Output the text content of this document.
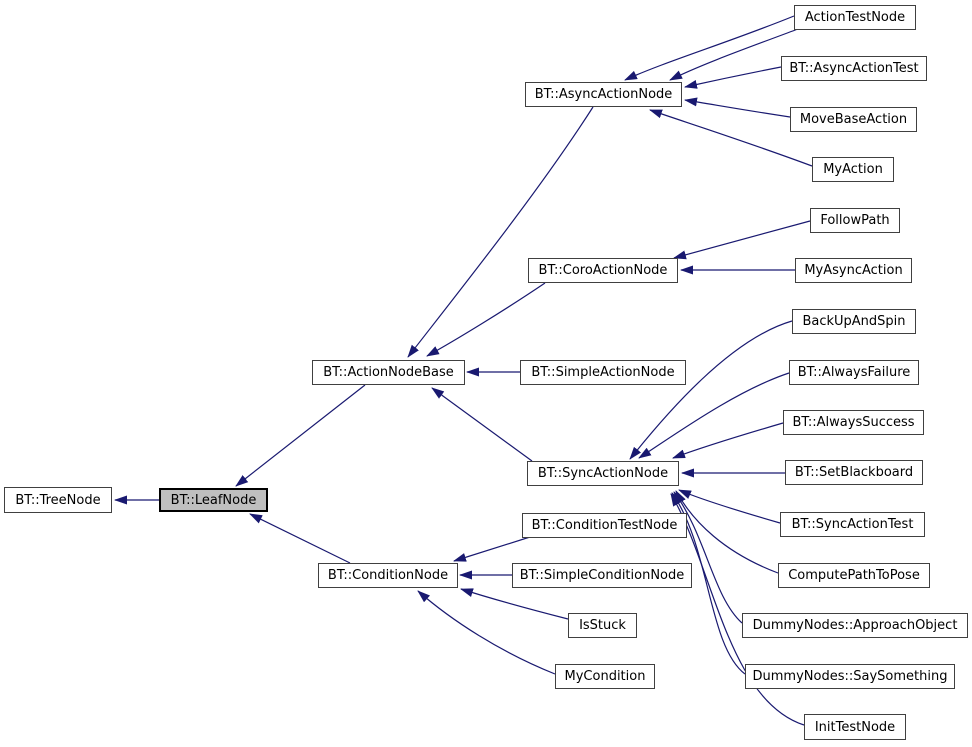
BT::TreeNode	BT::LeafNode
BT::ActionNodeBase
BT::ConditionNode
BT::AsyncActionNode
BT::CoroActionNode
BT::SimpleActionNode
BT::SyncActionNode
BT::ConditionTestNode
BT::SimpleConditionNode
IsStuck
MyCondition
ActionTestNode
BT::AsyncActionTest
MoveBaseAction
MyAction
FollowPath
MyAsyncAction
BackUpAndSpin
BT::AlwaysFailure
BT::AlwaysSuccess
BT::SetBlackboard
BT::SyncActionTest
ComputePathToPose
DummyNodes::ApproachObject
DummyNodes::SaySomething
InitTestNode
